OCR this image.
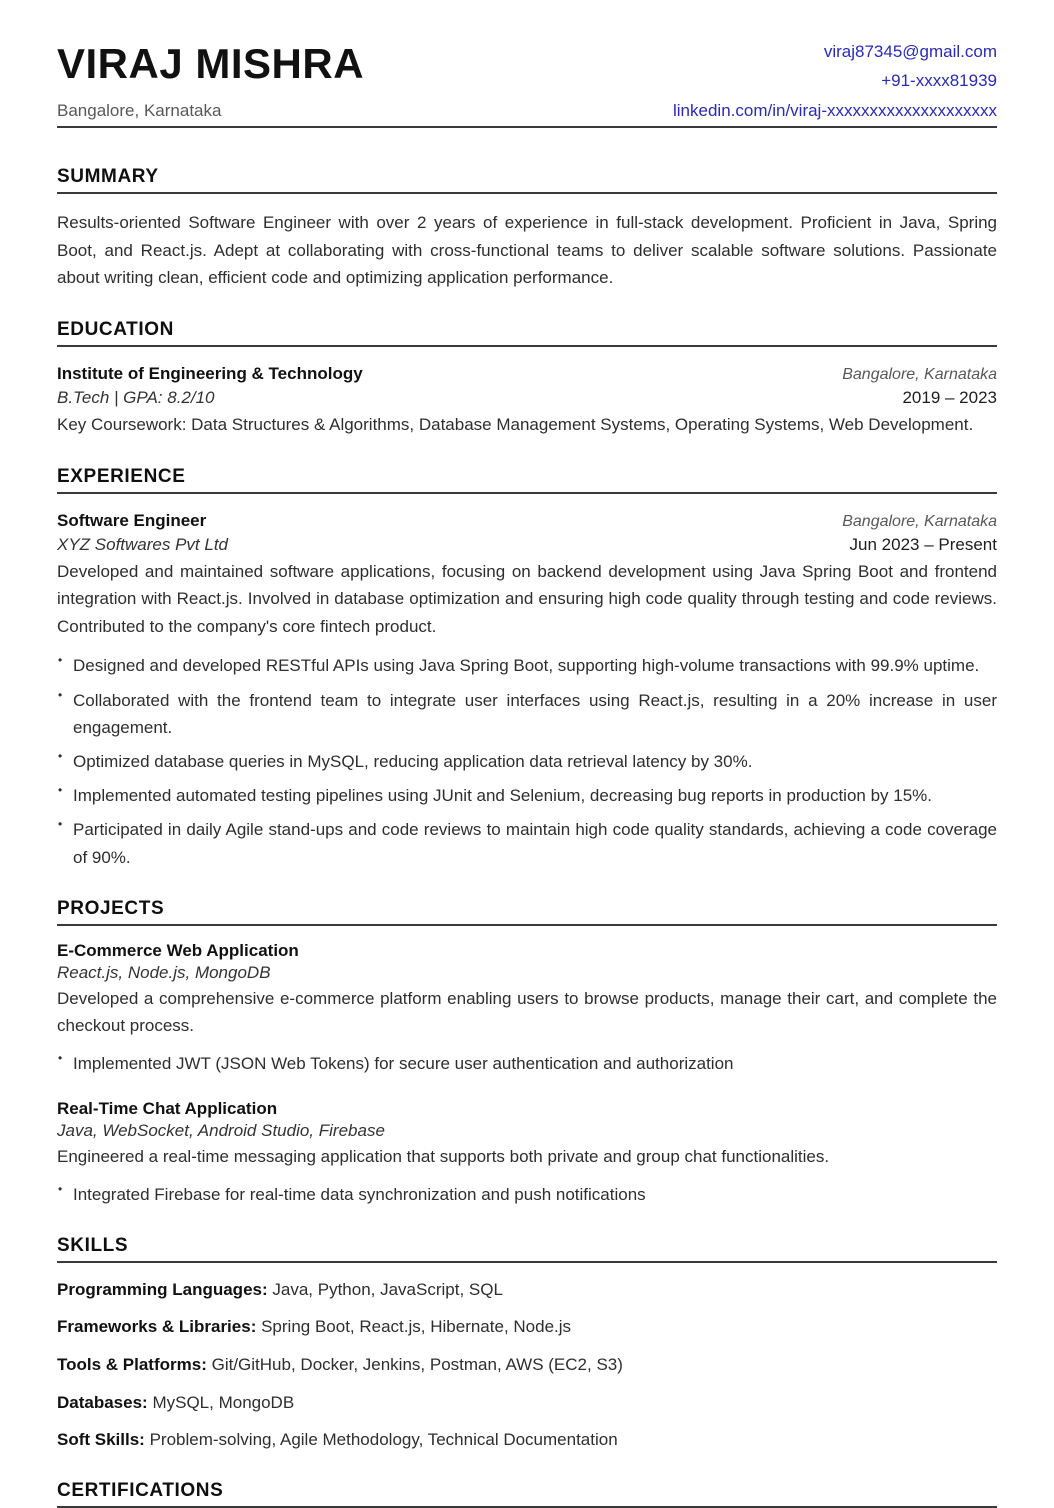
VIRAJ MISHRA
Bangalore, Karnataka
viraj87345@gmail.com
+91-xxxx81939
linkedin.com/in/viraj-xxxxxxxxxxxxxxxxxxxx
SUMMARY

Results-oriented Software Engineer with over 2 years of experience in full-stack development. Proficient in Java, Spring Boot, and React.js. Adept at collaborating with cross-functional teams to deliver scalable software solutions. Passionate about writing clean, efficient code and optimizing application performance.

EDUCATION
Institute of Engineering & Technology	Bangalore, Karnataka
B.Tech | GPA: 8.2/10	2019 – 2023

Key Coursework: Data Structures & Algorithms, Database Management Systems, Operating Systems, Web Development.

EXPERIENCE
Software Engineer	Bangalore, Karnataka
XYZ Softwares Pvt Ltd	Jun 2023 – Present

Developed and maintained software applications, focusing on backend development using Java Spring Boot and frontend integration with React.js. Involved in database optimization and ensuring high code quality through testing and code reviews. Contributed to the company's core fintech product.

• Designed and developed RESTful APIs using Java Spring Boot, supporting high-volume transactions with 99.9% uptime.
• Collaborated with the frontend team to integrate user interfaces using React.js, resulting in a 20% increase in user engagement.
• Optimized database queries in MySQL, reducing application data retrieval latency by 30%.
• Implemented automated testing pipelines using JUnit and Selenium, decreasing bug reports in production by 15%.
• Participated in daily Agile stand-ups and code reviews to maintain high code quality standards, achieving a code coverage of 90%.
PROJECTS
E-Commerce Web Application
React.js, Node.js, MongoDB

Developed a comprehensive e-commerce platform enabling users to browse products, manage their cart, and complete the checkout process.

• Implemented JWT (JSON Web Tokens) for secure user authentication and authorization
Real-Time Chat Application
Java, WebSocket, Android Studio, Firebase

Engineered a real-time messaging application that supports both private and group chat functionalities.

• Integrated Firebase for real-time data synchronization and push notifications
SKILLS
Programming Languages: Java, Python, JavaScript, SQL
Frameworks & Libraries: Spring Boot, React.js, Hibernate, Node.js
Tools & Platforms: Git/GitHub, Docker, Jenkins, Postman, AWS (EC2, S3)
Databases: MySQL, MongoDB
Soft Skills: Problem-solving, Agile Methodology, Technical Documentation
CERTIFICATIONS
